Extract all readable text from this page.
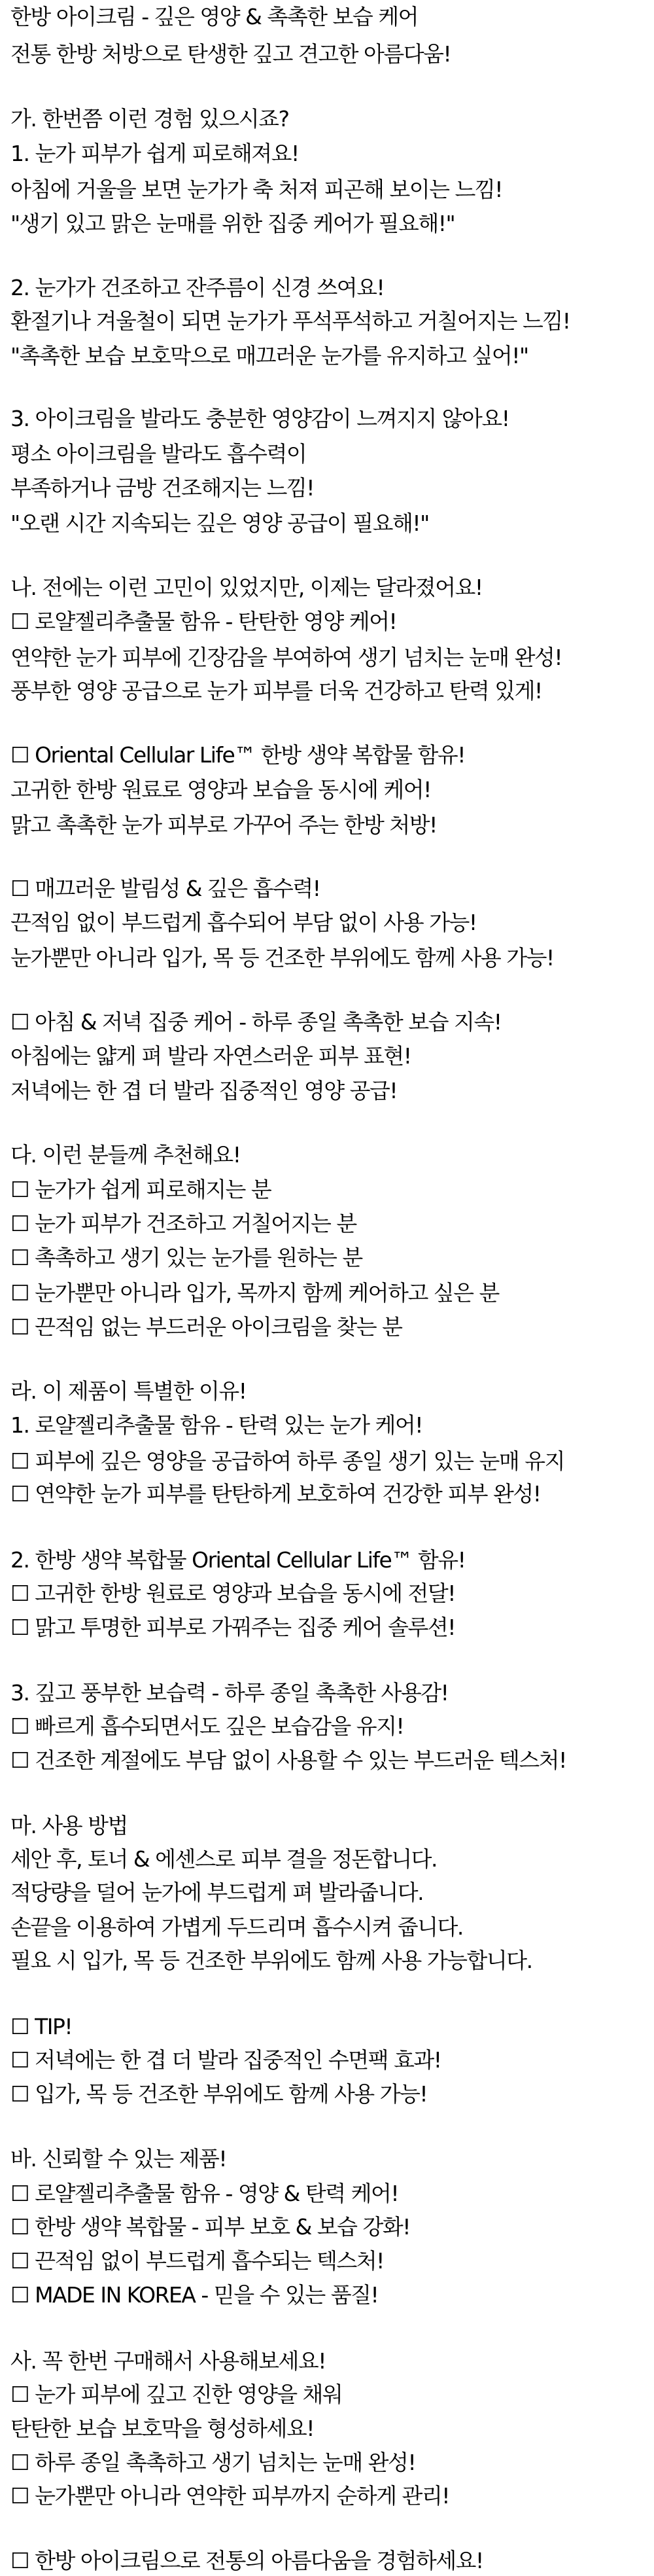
한방 아이크림 - 깊은 영양 & 촉촉한 보습 케어
전통 한방 처방으로 탄생한 깊고 견고한 아름다움!
가. 한번쯤 이런 경험 있으시죠?
1. 눈가 피부가 쉽게 피로해져요!
아침에 거울을 보면 눈가가 축 처져 피곤해 보이는 느낌!
"생기 있고 맑은 눈매를 위한 집중 케어가 필요해!"
2. 눈가가 건조하고 잔주름이 신경 쓰여요!
환절기나 겨울철이 되면 눈가가 푸석푸석하고 거칠어지는 느낌!
"촉촉한 보습 보호막으로 매끄러운 눈가를 유지하고 싶어!"
3. 아이크림을 발라도 충분한 영양감이 느껴지지 않아요!
평소 아이크림을 발라도 흡수력이
부족하거나 금방 건조해지는 느낌!
"오랜 시간 지속되는 깊은 영양 공급이 필요해!"
나. 전에는 이런 고민이 있었지만, 이제는 달라졌어요!
☐ 로얄젤리추출물 함유 - 탄탄한 영양 케어!
연약한 눈가 피부에 긴장감을 부여하여 생기 넘치는 눈매 완성!
풍부한 영양 공급으로 눈가 피부를 더욱 건강하고 탄력 있게!
☐ Oriental Cellular Life™ 한방 생약 복합물 함유!
고귀한 한방 원료로 영양과 보습을 동시에 케어!
맑고 촉촉한 눈가 피부로 가꾸어 주는 한방 처방!
☐ 매끄러운 발림성 & 깊은 흡수력!
끈적임 없이 부드럽게 흡수되어 부담 없이 사용 가능!
눈가뿐만 아니라 입가, 목 등 건조한 부위에도 함께 사용 가능!
☐ 아침 & 저녁 집중 케어 - 하루 종일 촉촉한 보습 지속!
아침에는 얇게 펴 발라 자연스러운 피부 표현!
저녁에는 한 겹 더 발라 집중적인 영양 공급!
다. 이런 분들께 추천해요!
☐ 눈가가 쉽게 피로해지는 분
☐ 눈가 피부가 건조하고 거칠어지는 분
☐ 촉촉하고 생기 있는 눈가를 원하는 분
☐ 눈가뿐만 아니라 입가, 목까지 함께 케어하고 싶은 분
☐ 끈적임 없는 부드러운 아이크림을 찾는 분
라. 이 제품이 특별한 이유!
1. 로얄젤리추출물 함유 - 탄력 있는 눈가 케어!
☐ 피부에 깊은 영양을 공급하여 하루 종일 생기 있는 눈매 유지
☐ 연약한 눈가 피부를 탄탄하게 보호하여 건강한 피부 완성!
2. 한방 생약 복합물 Oriental Cellular Life™ 함유!
☐ 고귀한 한방 원료로 영양과 보습을 동시에 전달!
☐ 맑고 투명한 피부로 가꿔주는 집중 케어 솔루션!
3. 깊고 풍부한 보습력 - 하루 종일 촉촉한 사용감!
☐ 빠르게 흡수되면서도 깊은 보습감을 유지!
☐ 건조한 계절에도 부담 없이 사용할 수 있는 부드러운 텍스처!
마. 사용 방법
세안 후, 토너 & 에센스로 피부 결을 정돈합니다.
적당량을 덜어 눈가에 부드럽게 펴 발라줍니다.
손끝을 이용하여 가볍게 두드리며 흡수시켜 줍니다.
필요 시 입가, 목 등 건조한 부위에도 함께 사용 가능합니다.
☐ TIP!
☐ 저녁에는 한 겹 더 발라 집중적인 수면팩 효과!
☐ 입가, 목 등 건조한 부위에도 함께 사용 가능!
바. 신뢰할 수 있는 제품!
☐ 로얄젤리추출물 함유 - 영양 & 탄력 케어!
☐ 한방 생약 복합물 - 피부 보호 & 보습 강화!
☐ 끈적임 없이 부드럽게 흡수되는 텍스처!
☐ MADE IN KOREA - 믿을 수 있는 품질!
사. 꼭 한번 구매해서 사용해보세요!
☐ 눈가 피부에 깊고 진한 영양을 채워
탄탄한 보습 보호막을 형성하세요!
☐ 하루 종일 촉촉하고 생기 넘치는 눈매 완성!
☐ 눈가뿐만 아니라 연약한 피부까지 순하게 관리!
☐ 한방 아이크림으로 전통의 아름다움을 경험하세요!
